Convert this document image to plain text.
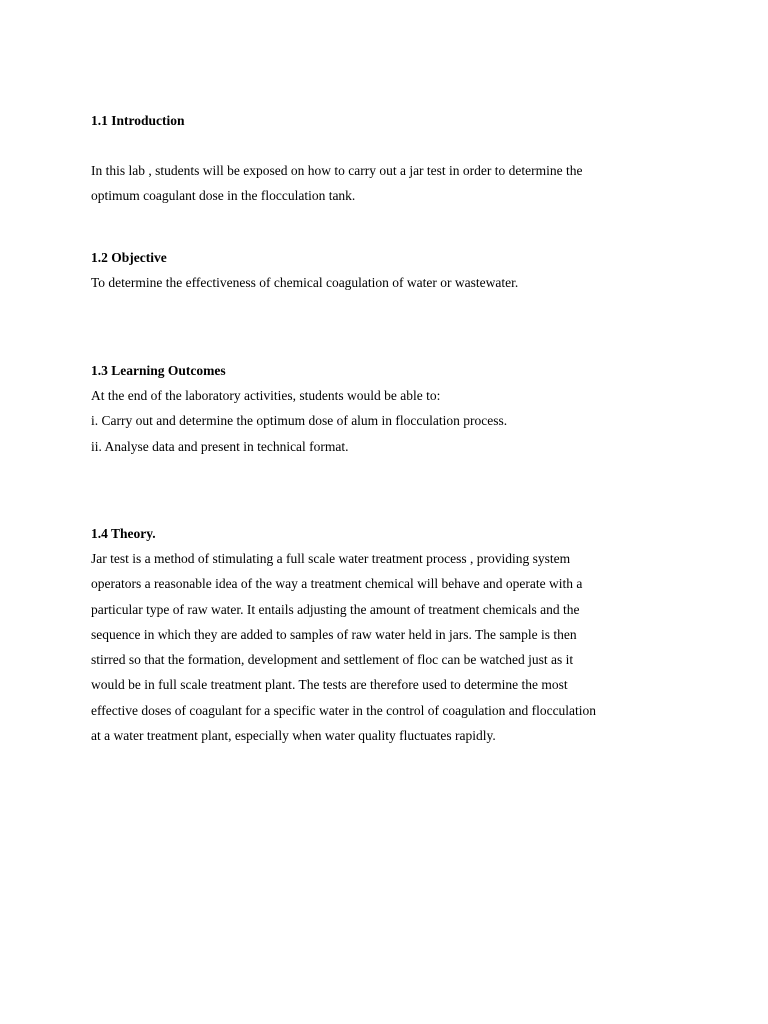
1.1 Introduction
In this lab , students will be exposed on how to carry out a jar test in order to determine the
optimum coagulant dose in the flocculation tank.
1.2 Objective
To determine the effectiveness of chemical coagulation of water or wastewater.
1.3 Learning Outcomes
At the end of the laboratory activities, students would be able to:
i. Carry out and determine the optimum dose of alum in flocculation process.
ii. Analyse data and present in technical format.
1.4 Theory.
Jar test is a method of stimulating a full scale water treatment process , providing system
operators a reasonable idea of the way a treatment chemical will behave and operate with a
particular type of raw water. It entails adjusting the amount of treatment chemicals and the
sequence in which they are added to samples of raw water held in jars. The sample is then
stirred so that the formation, development and settlement of floc can be watched just as it
would be in full scale treatment plant. The tests are therefore used to determine the most
effective doses of coagulant for a specific water in the control of coagulation and flocculation
at a water treatment plant, especially when water quality fluctuates rapidly.
